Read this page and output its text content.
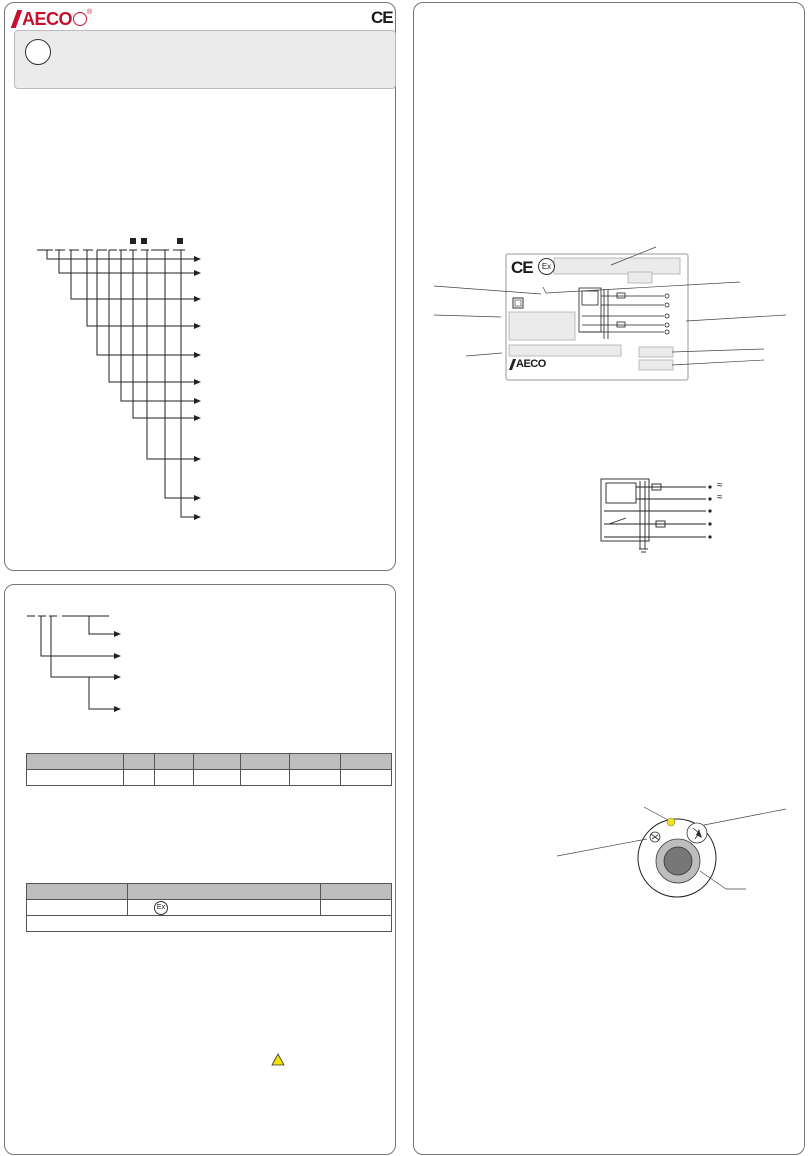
AECO ®	CE

	Ex	

CE	Ex
AECO
≈
≈
